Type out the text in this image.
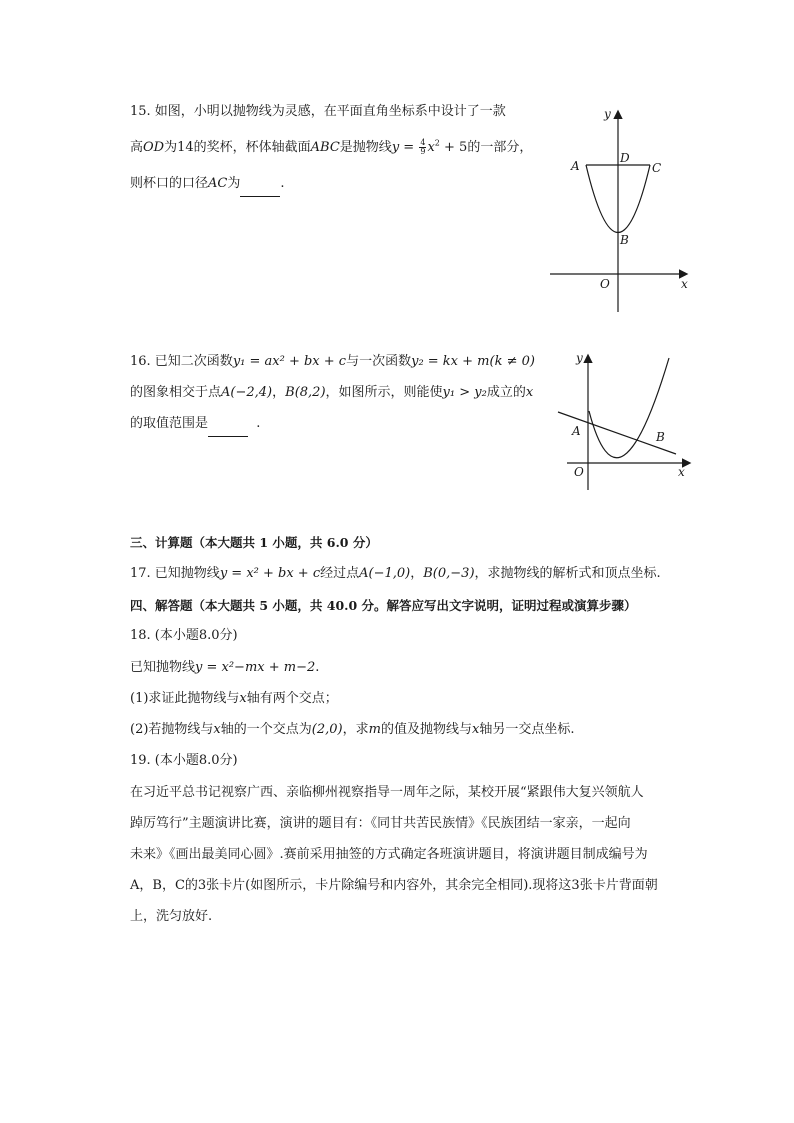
15. 如图，小明以抛物线为灵感，在平面直角坐标系中设计了一款
高OD为14的奖杯，杯体轴截面ABC是抛物线$y = \frac{4}{9} x^2 + 5$的一部分，
则杯口的口径AC为	.
y
x
O
A	C
D
B
16. 已知二次函数y₁ = ax² + bx + c与一次函数y₂ = kx + m(k ≠ 0)
的图象相交于点A(−2,4)，B(8,2)，如图所示，则能使y₁ > y₂成立的x
的取值范围是	.
y
x
O
A	B
三、计算题（本大题共 1 小题，共 6.0 分）
17. 已知抛物线y = x² + bx + c经过点A(−1,0)，B(0,−3)，求抛物线的解析式和顶点坐标.
四、解答题（本大题共 5 小题，共 40.0 分。解答应写出文字说明，证明过程或演算步骤）
18. (本小题8.0分)
已知抛物线y = x²−mx + m−2.
(1)求证此抛物线与x轴有两个交点；
(2)若抛物线与x轴的一个交点为(2,0)，求m的值及抛物线与x轴另一交点坐标.
19. (本小题8.0分)
在习近平总书记视察广西、亲临柳州视察指导一周年之际，某校开展“紧跟伟大复兴领航人
踔厉笃行”主题演讲比赛，演讲的题目有：《同甘共苦民族情》《民族团结一家亲，一起向
未来》《画出最美同心圆》.赛前采用抽签的方式确定各班演讲题目，将演讲题目制成编号为
A，B，C的3张卡片(如图所示，卡片除编号和内容外，其余完全相同).现将这3张卡片背面朝
上，洗匀放好.
